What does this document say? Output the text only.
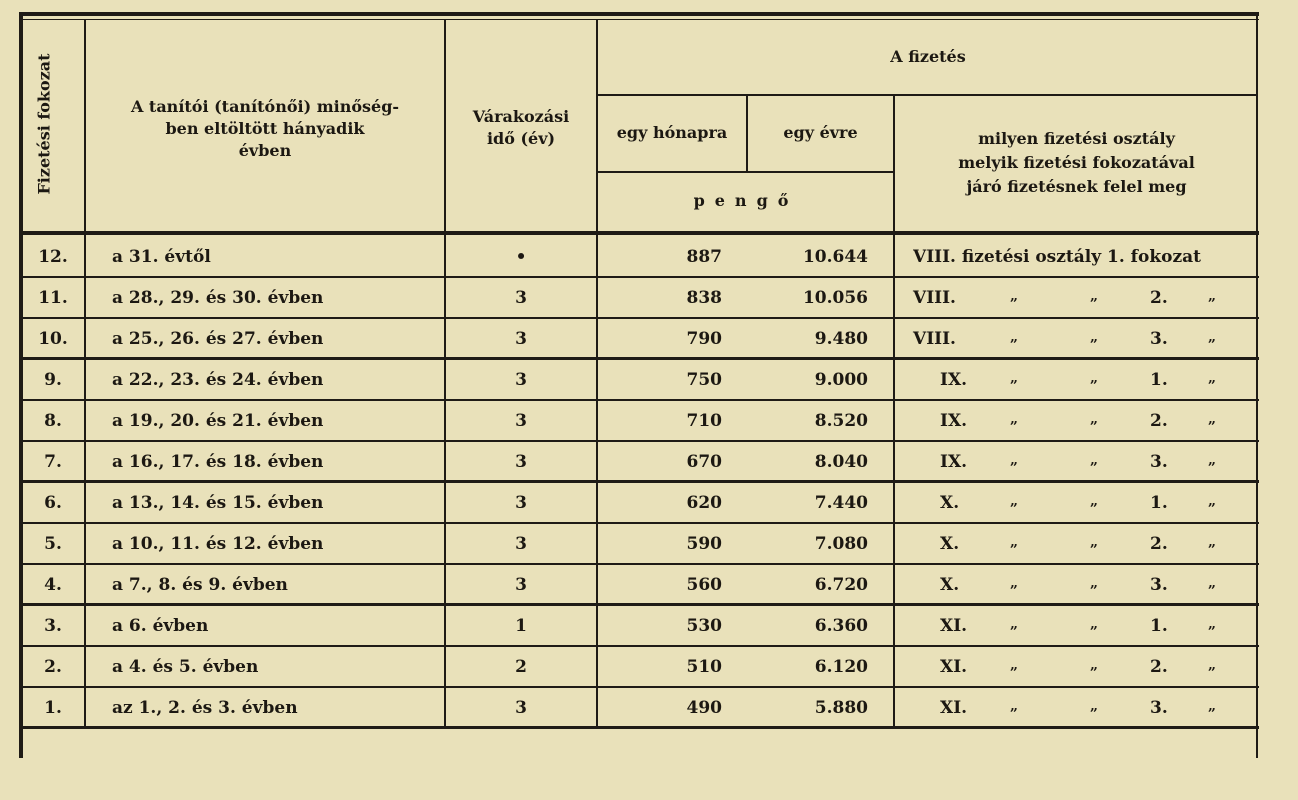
Fizetési fokozat	A tanítói (tanítónői) minőség-
ben eltöltött hányadik
évben
Várakozási
idő (év)
A fizetés
egy hónapra	egy évre
pengő
milyen fizetési osztály
melyik fizetési fokozatával
járó fizetésnek felel meg
12.	a 31. évtől	•	887	10.644	VIII. fizetési osztály 1. fokozat
11.	a 28., 29. és 30. évben	3	838	10.056	VIII.	„	„	2.	„
10.	a 25., 26. és 27. évben	3	790	9.480	VIII.	„	„	3.	„
9.	a 22., 23. és 24. évben	3	750	9.000	IX.	„	„	1.	„
8.	a 19., 20. és 21. évben	3	710	8.520	IX.	„	„	2.	„
7.	a 16., 17. és 18. évben	3	670	8.040	IX.	„	„	3.	„
6.	a 13., 14. és 15. évben	3	620	7.440	X.	„	„	1.	„
5.	a 10., 11. és 12. évben	3	590	7.080	X.	„	„	2.	„
4.	a 7., 8. és 9. évben	3	560	6.720	X.	„	„	3.	„
3.	a 6. évben	1	530	6.360	XI.	„	„	1.	„
2.	a 4. és 5. évben	2	510	6.120	XI.	„	„	2.	„
1.	az 1., 2. és 3. évben	3	490	5.880	XI.	„	„	3.	„
